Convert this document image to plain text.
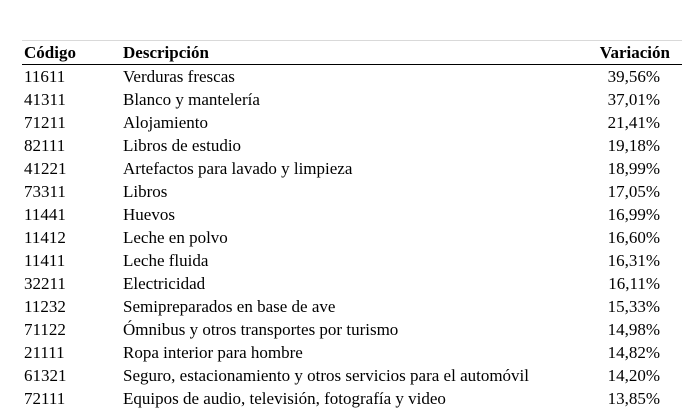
Código	Descripción	Variación
11611	Verduras frescas	39,56%
41311	Blanco y mantelería	37,01%
71211	Alojamiento	21,41%
82111	Libros de estudio	19,18%
41221	Artefactos para lavado y limpieza	18,99%
73311	Libros	17,05%
11441	Huevos	16,99%
11412	Leche en polvo	16,60%
11411	Leche fluida	16,31%
32211	Electricidad	16,11%
11232	Semipreparados en base de ave	15,33%
71122	Ómnibus y otros transportes por turismo	14,98%
21111	Ropa interior para hombre	14,82%
61321	Seguro, estacionamiento y otros servicios para el automóvil	14,20%
72111	Equipos de audio, televisión, fotografía y video	13,85%
